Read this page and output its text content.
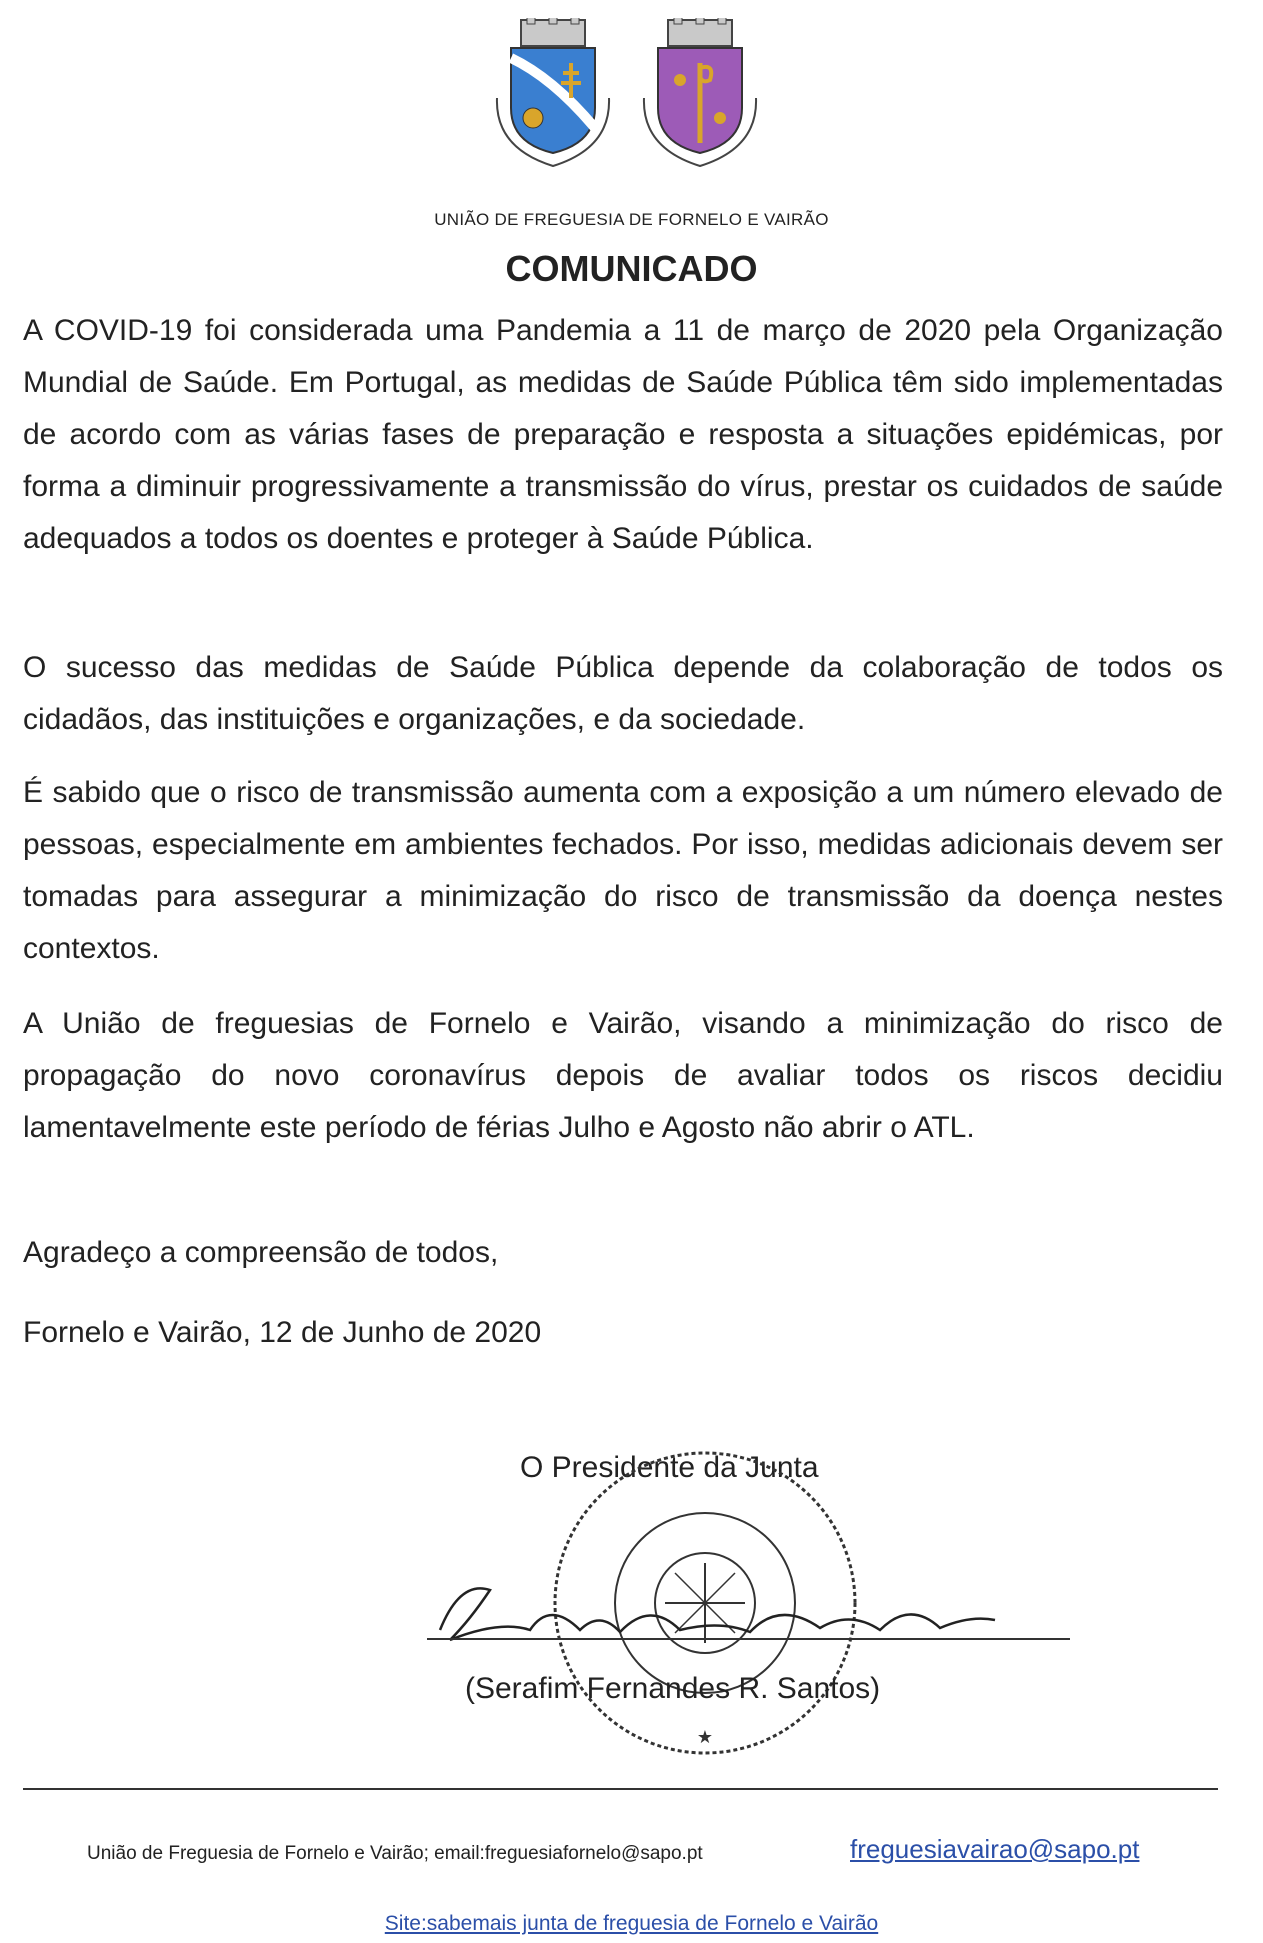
UNIÃO DE FREGUESIA DE FORNELO E VAIRÃO
COMUNICADO
A COVID-19 foi considerada uma Pandemia a 11 de março de 2020 pela Organização Mundial de Saúde. Em Portugal, as medidas de Saúde Pública têm sido implementadas de acordo com as várias fases de preparação e resposta a situações epidémicas, por forma a diminuir progressivamente a transmissão do vírus, prestar os cuidados de saúde adequados a todos os doentes e proteger à Saúde Pública.
O sucesso das medidas de Saúde Pública depende da colaboração de todos os cidadãos, das instituições e organizações, e da sociedade.
É sabido que o risco de transmissão aumenta com a exposição a um número elevado de pessoas, especialmente em ambientes fechados. Por isso, medidas adicionais devem ser tomadas para assegurar a minimização do risco de transmissão da doença nestes contextos.
A União de freguesias de Fornelo e Vairão, visando a minimização do risco de propagação do novo coronavírus depois de avaliar todos os riscos decidiu lamentavelmente este período de férias Julho e Agosto não abrir o ATL.
Agradeço a compreensão de todos,
Fornelo e Vairão, 12 de Junho de 2020
O Presidente da Junta
★
(Serafim Fernandes R. Santos)
União de Freguesia de Fornelo e Vairão; email:freguesiafornelo@sapo.pt	freguesiavairao@sapo.pt
Site:sabemais junta de freguesia de Fornelo e Vairão
